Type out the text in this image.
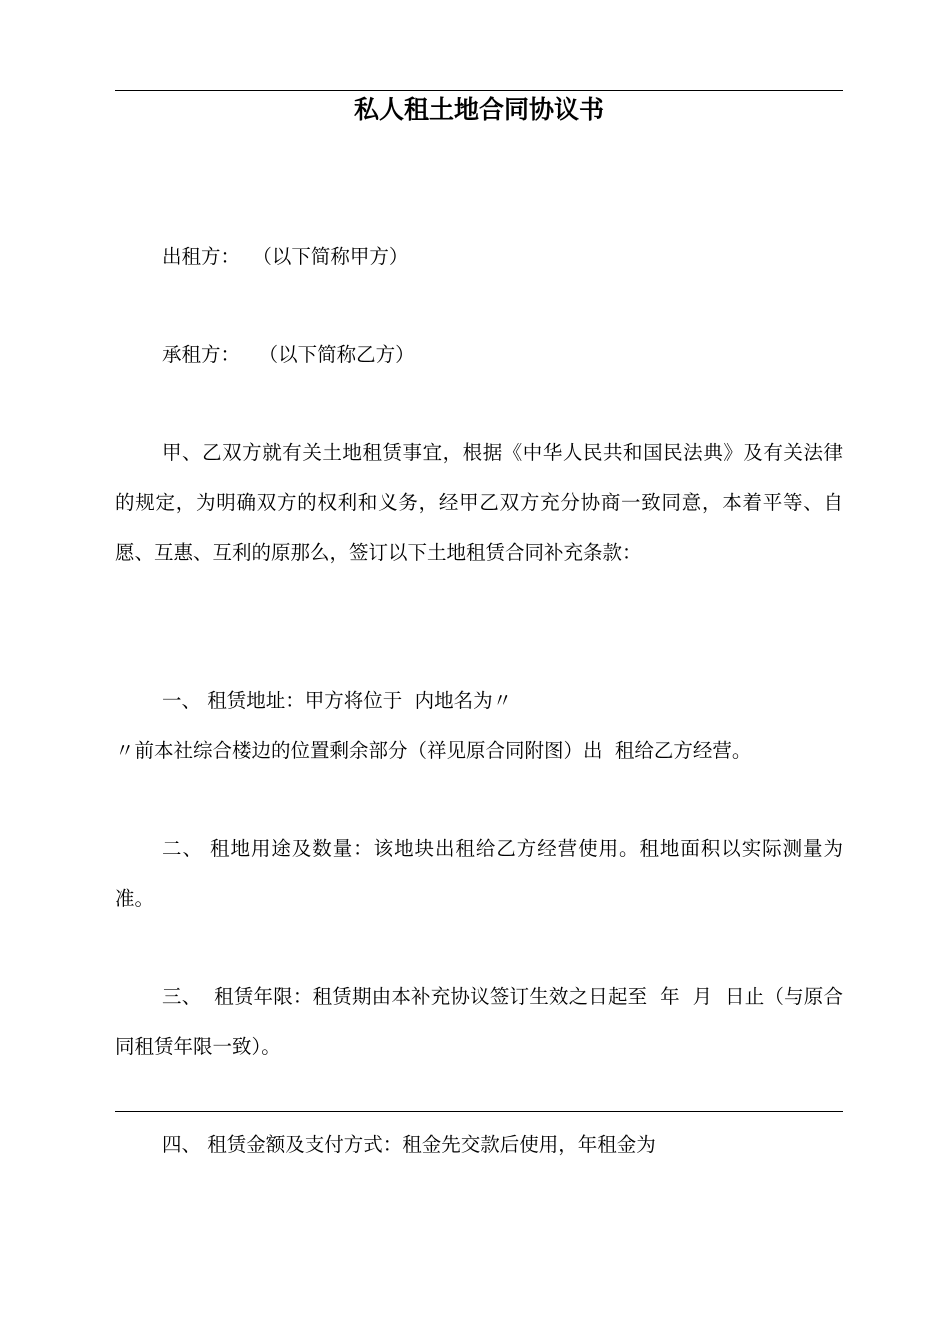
私人租土地合同协议书

出租方：  （以下简称甲方）

承租方：   （以下简称乙方）

甲、乙双方就有关土地租赁事宜，根据《中华人民共和国民法典》及有关法律的规定，为明确双方的权利和义务，经甲乙双方充分协商一致同意，本着平等、自愿、互惠、互利的原那么，签订以下土地租赁合同补充条款：

一、 租赁地址：甲方将位于  内地名为〃

〃前本社综合楼边的位置剩余部分（祥见原合同附图）出  租给乙方经营。

二、 租地用途及数量：该地块出租给乙方经营使用。租地面积以实际测量为准。

三、  租赁年限：租赁期由本补充协议签订生效之日起至  年  月  日止（与原合同租赁年限一致）。

四、 租赁金额及支付方式：租金先交款后使用，年租金为
